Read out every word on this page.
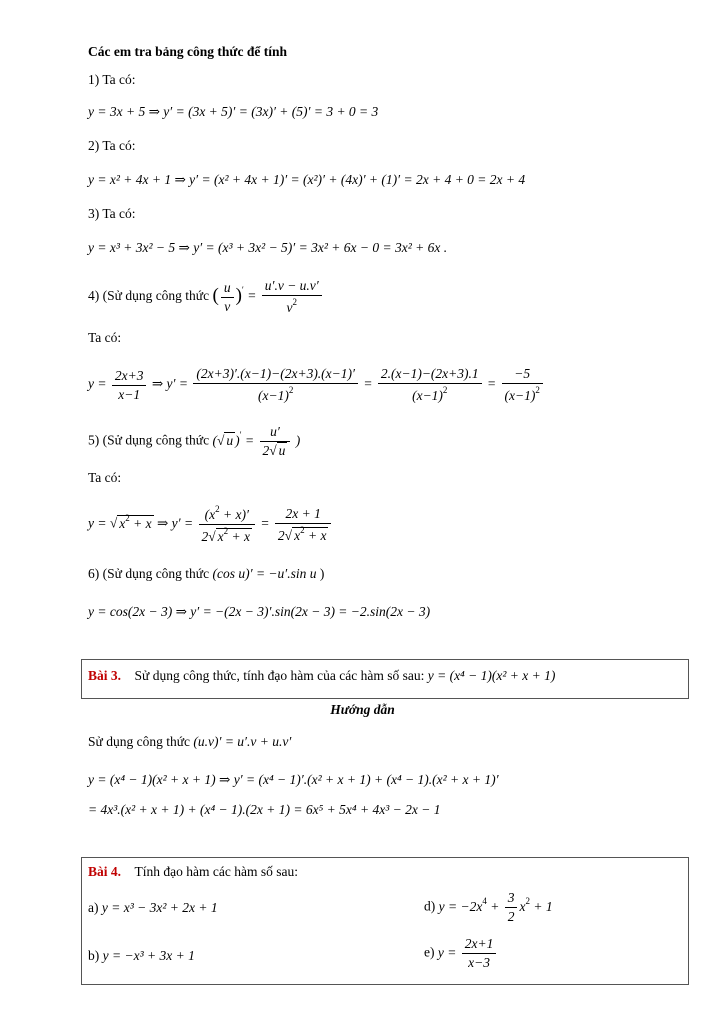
Các em tra bảng công thức để tính
1) Ta có:
y = 3x + 5 ⇒ y′ = (3x + 5)′ = (3x)′ + (5)′ = 3 + 0 = 3
2) Ta có:
y = x² + 4x + 1 ⇒ y′ = (x² + 4x + 1)′ = (x²)′ + (4x)′ + (1)′ = 2x + 4 + 0 = 2x + 4
3) Ta có:
y = x³ + 3x² − 5 ⇒ y′ = (x³ + 3x² − 5)′ = 3x² + 6x − 0 = 3x² + 6x .
4) (Sử dụng công thức ( $\frac{u}{v} )' = \frac{u'.v - u.v'}{v^2}$
Ta có:
$y = \frac{2x+3}{x-1}$ ⇒ $y' = \frac{(2x+3)'.(x-1)-(2x+3).(x-1)'}{(x-1)^2} = \frac{2.(x-1)-(2x+3).1}{(x-1)^2} = \frac{-5}{(x-1)^2}$
5) (Sử dụng công thức (√ u )$' = \frac{u'}{2√ u}$ )
Ta có:
y = √ $x^2 + x$ ⇒ $y' = \frac{(x^2 + x)'}{2√ x^2 + x} = \frac{2x + 1}{2√ x^2 + x}$
6) (Sử dụng công thức (cos u)′ = −u′.sin u )
y = cos(2x − 3) ⇒ y′ = −(2x − 3)′.sin(2x − 3) = −2.sin(2x − 3)
Bài 3. Sử dụng công thức, tính đạo hàm của các hàm số sau: y = (x⁴ − 1)(x² + x + 1)
Hướng dẫn
Sử dụng công thức (u.v)′ = u′.v + u.v′
y = (x⁴ − 1)(x² + x + 1) ⇒ y′ = (x⁴ − 1)′.(x² + x + 1) + (x⁴ − 1).(x² + x + 1)′
= 4x³.(x² + x + 1) + (x⁴ − 1).(2x + 1) = 6x⁵ + 5x⁴ + 4x³ − 2x − 1
Bài 4. Tính đạo hàm các hàm số sau:
a) y = x³ − 3x² + 2x + 1
b) y = −x³ + 3x + 1
d) $y = -2x^4 + \frac{3}{2} x^2 + 1$
e) $y = \frac{2x+1}{x-3}$
